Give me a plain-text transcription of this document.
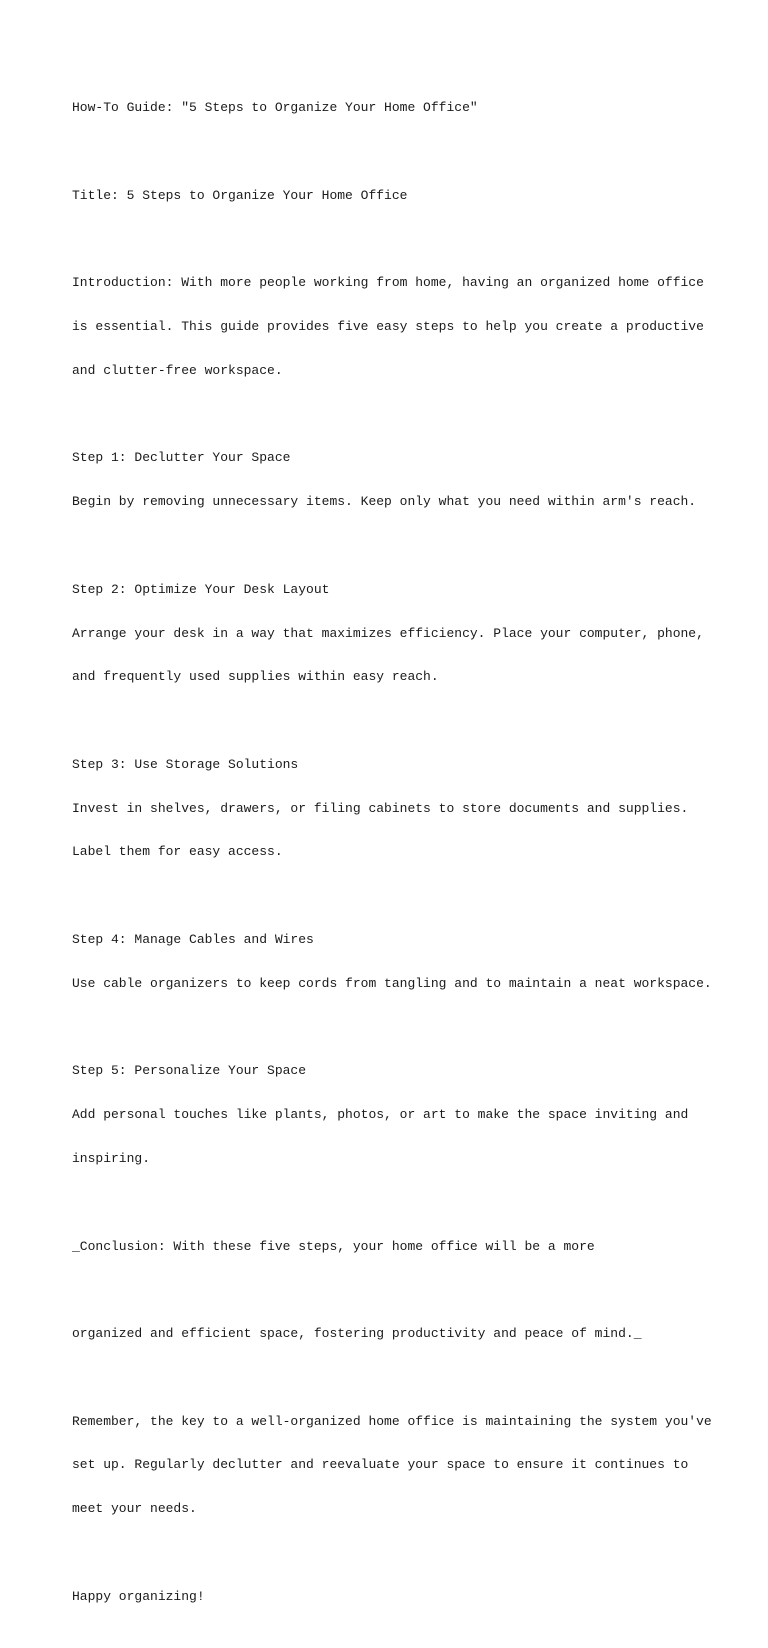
How-To Guide: "5 Steps to Organize Your Home Office"

Title: 5 Steps to Organize Your Home Office

Introduction: With more people working from home, having an organized home office

is essential. This guide provides five easy steps to help you create a productive

and clutter-free workspace.

Step 1: Declutter Your Space

Begin by removing unnecessary items. Keep only what you need within arm's reach.

Step 2: Optimize Your Desk Layout

Arrange your desk in a way that maximizes efficiency. Place your computer, phone,

and frequently used supplies within easy reach.

Step 3: Use Storage Solutions

Invest in shelves, drawers, or filing cabinets to store documents and supplies.

Label them for easy access.

Step 4: Manage Cables and Wires

Use cable organizers to keep cords from tangling and to maintain a neat workspace.

Step 5: Personalize Your Space

Add personal touches like plants, photos, or art to make the space inviting and

inspiring.

_Conclusion: With these five steps, your home office will be a more

organized and efficient space, fostering productivity and peace of mind._

Remember, the key to a well-organized home office is maintaining the system you've

set up. Regularly declutter and reevaluate your space to ensure it continues to

meet your needs.

Happy organizing!
